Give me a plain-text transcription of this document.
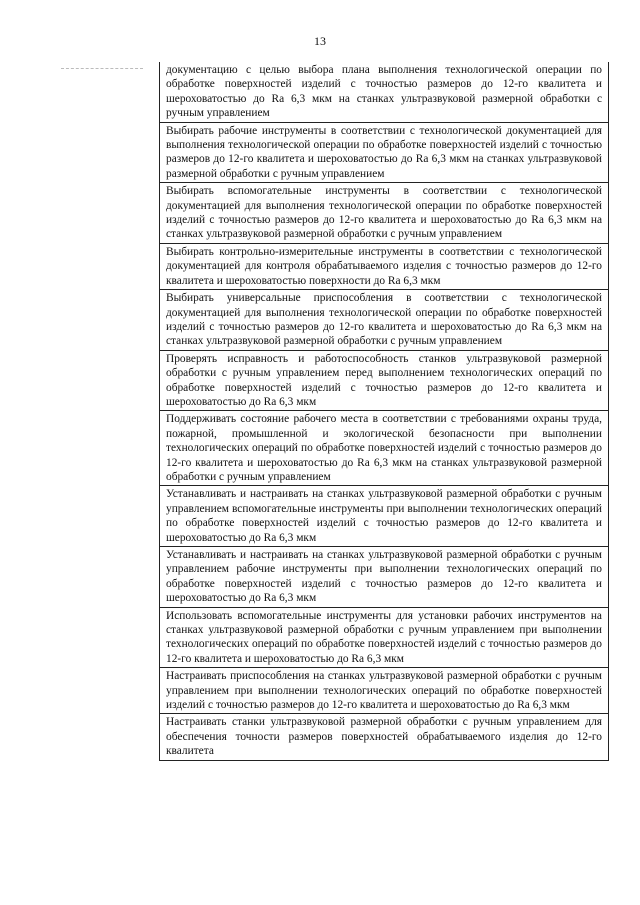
13
документацию с целью выбора плана выполнения технологической операции по обработке поверхностей изделий с точностью размеров до 12-го квалитета и шероховатостью до Ra 6,3 мкм на станках ультразвуковой размерной обработки с ручным управлением
Выбирать рабочие инструменты в соответствии с технологической документацией для выполнения технологической операции по обработке поверхностей изделий с точностью размеров до 12-го квалитета и шероховатостью до Ra 6,3 мкм на станках ультразвуковой размерной обработки с ручным управлением
Выбирать вспомогательные инструменты в соответствии с технологической документацией для выполнения технологической операции по обработке поверхностей изделий с точностью размеров до 12-го квалитета и шероховатостью до Ra 6,3 мкм на станках ультразвуковой размерной обработки с ручным управлением
Выбирать контрольно-измерительные инструменты в соответствии с технологической документацией для контроля обрабатываемого изделия с точностью размеров до 12-го квалитета и шероховатостью поверхности до Ra 6,3 мкм
Выбирать универсальные приспособления в соответствии с технологической документацией для выполнения технологической операции по обработке поверхностей изделий с точностью размеров до 12-го квалитета и шероховатостью до Ra 6,3 мкм на станках ультразвуковой размерной обработки с ручным управлением
Проверять исправность и работоспособность станков ультразвуковой размерной обработки с ручным управлением перед выполнением технологических операций по обработке поверхностей изделий с точностью размеров до 12-го квалитета и шероховатостью до Ra 6,3 мкм
Поддерживать состояние рабочего места в соответствии с требованиями охраны труда, пожарной, промышленной и экологической безопасности при выполнении технологических операций по обработке поверхностей изделий с точностью размеров до 12-го квалитета и шероховатостью до Ra 6,3 мкм на станках ультразвуковой размерной обработки с ручным управлением
Устанавливать и настраивать на станках ультразвуковой размерной обработки с ручным управлением вспомогательные инструменты при выполнении технологических операций по обработке поверхностей изделий с точностью размеров до 12-го квалитета и шероховатостью до Ra 6,3 мкм
Устанавливать и настраивать на станках ультразвуковой размерной обработки с ручным управлением рабочие инструменты при выполнении технологических операций по обработке поверхностей изделий с точностью размеров до 12-го квалитета и шероховатостью до Ra 6,3 мкм
Использовать вспомогательные инструменты для установки рабочих инструментов на станках ультразвуковой размерной обработки с ручным управлением при выполнении технологических операций по обработке поверхностей изделий с точностью размеров до 12-го квалитета и шероховатостью до Ra 6,3 мкм
Настраивать приспособления на станках ультразвуковой размерной обработки с ручным управлением при выполнении технологических операций по обработке поверхностей изделий с точностью размеров до 12-го квалитета и шероховатостью до Ra 6,3 мкм
Настраивать станки ультразвуковой размерной обработки с ручным управлением для обеспечения точности размеров поверхностей обрабатываемого изделия до 12-го квалитета
